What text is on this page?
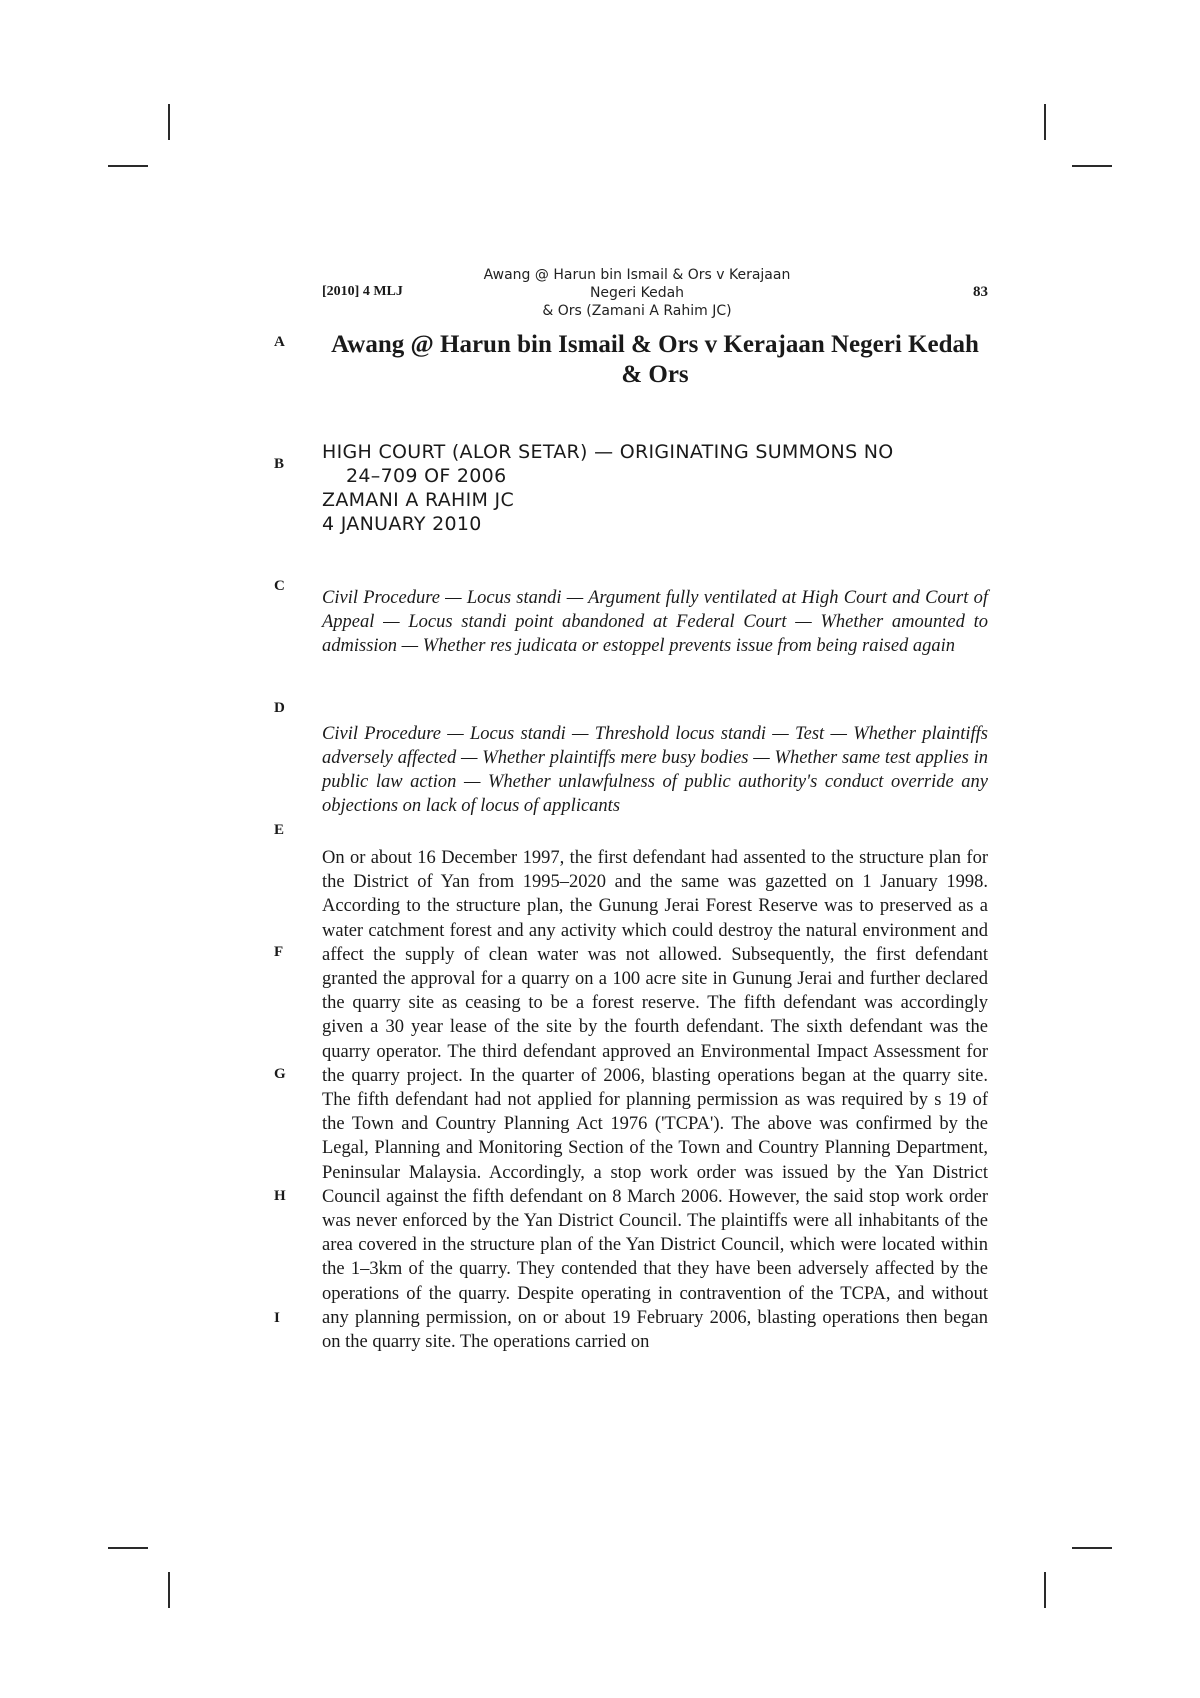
[2010] 4 MLJ
Awang @ Harun bin Ismail & Ors v Kerajaan Negeri Kedah
& Ors (Zamani A Rahim JC)
83
A
B
C
D
E
F
G
H
I
Awang @ Harun bin Ismail & Ors v Kerajaan Negeri Kedah & Ors
HIGH COURT (ALOR SETAR) — ORIGINATING SUMMONS NO
24–709 OF 2006
ZAMANI A RAHIM JC
4 JANUARY 2010
Civil Procedure — Locus standi — Argument fully ventilated at High Court and Court of Appeal — Locus standi point abandoned at Federal Court — Whether amounted to admission — Whether res judicata or estoppel prevents issue from being raised again
Civil Procedure — Locus standi — Threshold locus standi — Test — Whether plaintiffs adversely affected — Whether plaintiffs mere busy bodies — Whether same test applies in public law action — Whether unlawfulness of public authority's conduct override any objections on lack of locus of applicants
On or about 16 December 1997, the first defendant had assented to the structure plan for the District of Yan from 1995–2020 and the same was gazetted on 1 January 1998. According to the structure plan, the Gunung Jerai Forest Reserve was to preserved as a water catchment forest and any activity which could destroy the natural environment and affect the supply of clean water was not allowed. Subsequently, the first defendant granted the approval for a quarry on a 100 acre site in Gunung Jerai and further declared the quarry site as ceasing to be a forest reserve. The fifth defendant was accordingly given a 30 year lease of the site by the fourth defendant. The sixth defendant was the quarry operator. The third defendant approved an Environmental Impact Assessment for the quarry project. In the quarter of 2006, blasting operations began at the quarry site. The fifth defendant had not applied for planning permission as was required by s 19 of the Town and Country Planning Act 1976 ('TCPA'). The above was confirmed by the Legal, Planning and Monitoring Section of the Town and Country Planning Department, Peninsular Malaysia. Accordingly, a stop work order was issued by the Yan District Council against the fifth defendant on 8 March 2006. However, the said stop work order was never enforced by the Yan District Council. The plaintiffs were all inhabitants of the area covered in the structure plan of the Yan District Council, which were located within the 1–3km of the quarry. They contended that they have been adversely affected by the operations of the quarry. Despite operating in contravention of the TCPA, and without any planning permission, on or about 19 February 2006, blasting operations then began on the quarry site. The operations carried on
